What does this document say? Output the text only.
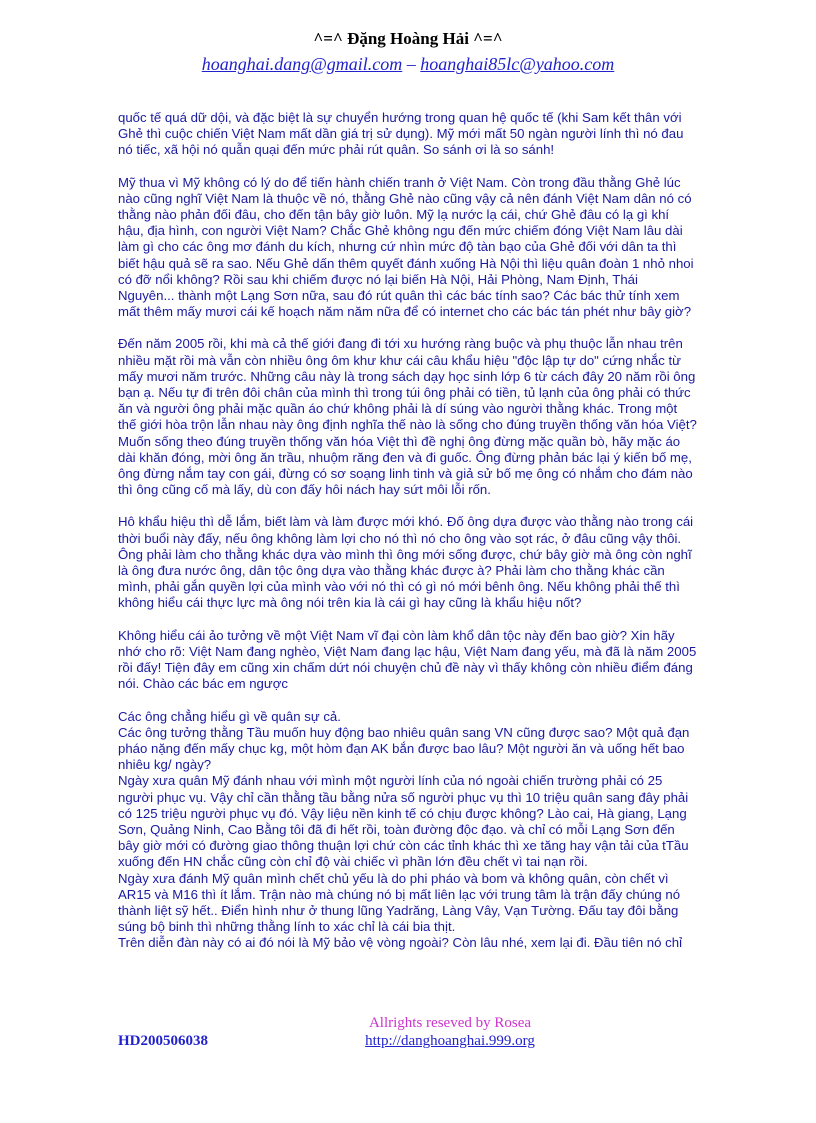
^=^ Đặng Hoàng Hải ^=^
hoanghai.dang@gmail.com – hoanghai85lc@yahoo.com

quốc tế quá dữ dội, và đặc biệt là sự chuyển hướng trong quan hệ quốc tế (khi Sam kết thân với Ghẻ thì cuộc chiến Việt Nam mất dần giá trị sử dụng). Mỹ mới mất 50 ngàn người lính thì nó đau nó tiếc, xã hội nó quẫn quại đến mức phải rút quân. So sánh ơi là so sánh!

Mỹ thua vì Mỹ không có lý do để tiến hành chiến tranh ở Việt Nam. Còn trong đầu thằng Ghẻ lúc nào cũng nghĩ Việt Nam là thuộc về nó, thằng Ghẻ nào cũng vậy cả nên đánh Việt Nam dân nó có thằng nào phản đối đâu, cho đến tận bây giờ luôn. Mỹ lạ nước lạ cái, chứ Ghẻ đâu có lạ gì khí hậu, địa hình, con người Việt Nam? Chắc Ghẻ không ngu đến mức chiếm đóng Việt Nam lâu dài làm gì cho các ông mơ đánh du kích, nhưng cứ nhìn mức độ tàn bạo của Ghẻ đối với dân ta thì biết hậu quả sẽ ra sao. Nếu Ghẻ dấn thêm quyết đánh xuống Hà Nội thì liệu quân đoàn 1 nhỏ nhoi có đỡ nổi không? Rồi sau khi chiếm được nó lại biến Hà Nội, Hải Phòng, Nam Định, Thái Nguyên... thành một Lạng Sơn nữa, sau đó rút quân thì các bác tính sao? Các bác thử tính xem mất thêm mấy mươi cái kế hoạch năm năm nữa để có internet cho các bác tán phét như bây giờ?

Đến năm 2005 rồi, khi mà cả thế giới đang đi tới xu hướng ràng buộc và phụ thuộc lẫn nhau trên nhiều mặt rồi mà vẫn còn nhiều ông ôm khư khư cái câu khẩu hiệu "độc lập tự do" cứng nhắc từ mấy mươi năm trước. Những câu này là trong sách dạy học sinh lớp 6 từ cách đây 20 năm rồi ông bạn ạ. Nếu tự đi trên đôi chân của mình thì trong túi ông phải có tiền, tủ lạnh của ông phải có thức ăn và người ông phải mặc quần áo chứ không phải là dí súng vào người thằng khác. Trong một thế giới hòa trộn lẫn nhau này ông định nghĩa thế nào là sống cho đúng truyền thống văn hóa Việt? Muốn sống theo đúng truyền thống văn hóa Việt thì đề nghị ông đừng mặc quần bò, hãy mặc áo dài khăn đóng, mời ông ăn trầu, nhuộm răng đen và đi guốc. Ông đừng phản bác lại ý kiến bố mẹ, ông đừng nắm tay con gái, đừng có sơ soạng linh tinh và giả sử bố mẹ ông có nhắm cho đám nào thì ông cũng cố mà lấy, dù con đấy hôi nách hay sứt môi lỗi rốn.

Hô khẩu hiệu thì dễ lắm, biết làm và làm được mới khó. Đố ông dựa được vào thằng nào trong cái thời buổi này đấy, nếu ông không làm lợi cho nó thì nó cho ông vào sọt rác, ở đâu cũng vậy thôi. Ông phải làm cho thằng khác dựa vào mình thì ông mới sống được, chứ bây giờ mà ông còn nghĩ là ông đưa nước ông, dân tộc ông dựa vào thằng khác được à? Phải làm cho thằng khác cần mình, phải gắn quyền lợi của mình vào với nó thì có gì nó mới bênh ông. Nếu không phải thế thì không hiểu cái thực lực mà ông nói trên kia là cái gì hay cũng là khẩu hiệu nốt?

Không hiểu cái ảo tưởng về một Việt Nam vĩ đại còn làm khổ dân tộc này đến bao giờ? Xin hãy nhớ cho rõ: Việt Nam đang nghèo, Việt Nam đang lạc hậu, Việt Nam đang yếu, mà đã là năm 2005 rồi đấy! Tiện đây em cũng xin chấm dứt nói chuyện chủ đề này vì thấy không còn nhiều điểm đáng nói. Chào các bác em ngược

Các ông chẳng hiểu gì về quân sự cả.

Các ông tưởng thằng Tầu muốn huy động bao nhiêu quân sang VN cũng được sao? Một quả đạn pháo nặng đến mấy chục kg, một hòm đạn AK bắn được bao lâu? Một người ăn và uống hết bao nhiêu kg/ ngày?

Ngày xưa quân Mỹ đánh nhau với mình một người lính của nó ngoài chiến trường phải có 25 người phục vụ. Vậy chỉ cần thằng tầu bằng nửa số người phục vụ thì 10 triệu quân sang đây phải có 125 triệu người phục vụ đó. Vậy liệu nền kinh tế có chịu được không? Lào cai, Hà giang, Lạng Sơn, Quảng Ninh, Cao Bằng tôi đã đi hết rồi, toàn đường độc đạo. và chỉ có mỗi Lạng Sơn đến bây giờ mới có đường giao thông thuận lợi chứ còn các tỉnh khác thì xe tăng hay vận tải của tTầu xuống đến HN chắc cũng còn chỉ độ vài chiếc vì phần lớn đều chết vì tai nạn rồi.

Ngày xưa đánh Mỹ quân mình chết chủ yếu là do phi pháo và bom và không quân, còn chết vì AR15 và M16 thì ít lắm. Trận nào mà chúng nó bị mất liên lạc với trung tâm là trận đấy chúng nó thành liệt sỹ hết.. Điển hình như ở thung lũng Yadrăng, Làng Vây, Vạn Tường. Đấu tay đôi bằng súng bộ binh thì những thằng lính to xác chỉ là cái bia thịt.

Trên diễn đàn này có ai đó nói là Mỹ bảo vệ vòng ngoài? Còn lâu nhé, xem lại đi. Đầu tiên nó chỉ

HD200506038
Allrights reseved by Rosea
http://danghoanghai.999.org
